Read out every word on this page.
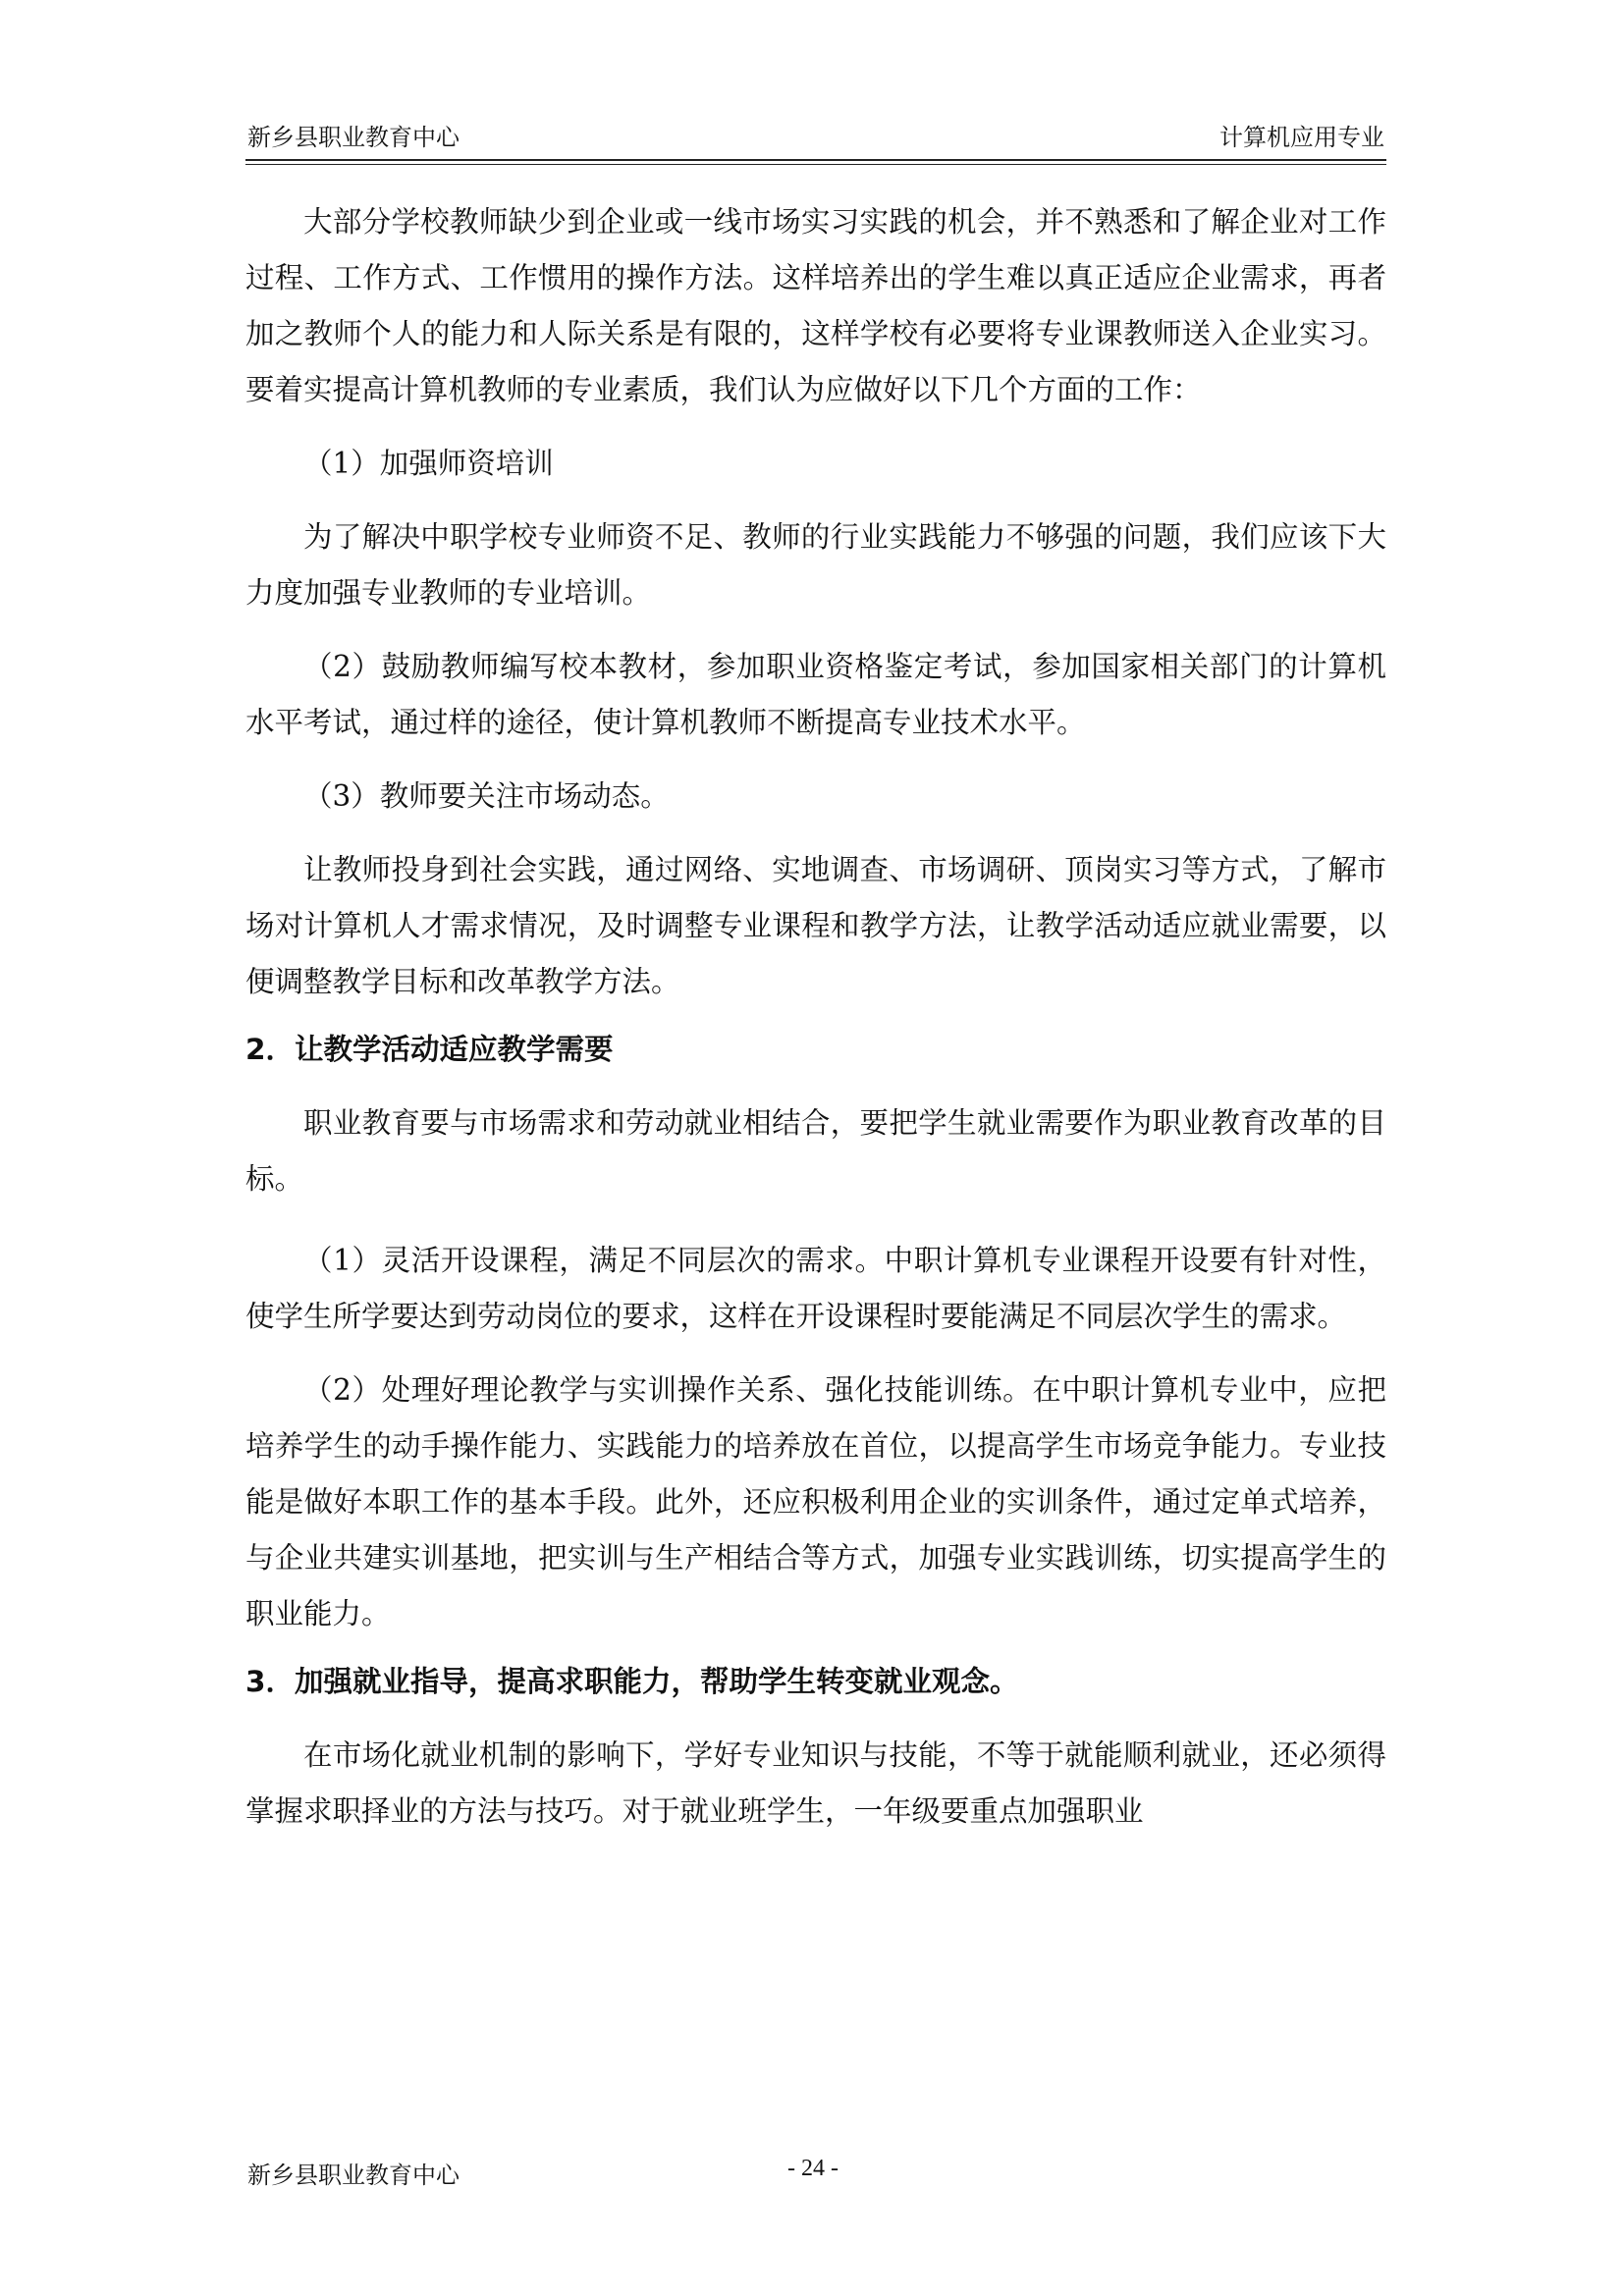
新乡县职业教育中心	计算机应用专业

大部分学校教师缺少到企业或一线市场实习实践的机会，并不熟悉和了解企业对工作过程、工作方式、工作惯用的操作方法。这样培养出的学生难以真正适应企业需求，再者加之教师个人的能力和人际关系是有限的，这样学校有必要将专业课教师送入企业实习。要着实提高计算机教师的专业素质，我们认为应做好以下几个方面的工作：

（1）加强师资培训

为了解决中职学校专业师资不足、教师的行业实践能力不够强的问题，我们应该下大力度加强专业教师的专业培训。

（2）鼓励教师编写校本教材，参加职业资格鉴定考试，参加国家相关部门的计算机水平考试，通过样的途径，使计算机教师不断提高专业技术水平。

（3）教师要关注市场动态。

让教师投身到社会实践，通过网络、实地调查、市场调研、顶岗实习等方式，了解市场对计算机人才需求情况，及时调整专业课程和教学方法，让教学活动适应就业需要，以便调整教学目标和改革教学方法。

2．让教学活动适应教学需要

职业教育要与市场需求和劳动就业相结合，要把学生就业需要作为职业教育改革的目标。

（1）灵活开设课程，满足不同层次的需求。中职计算机专业课程开设要有针对性，使学生所学要达到劳动岗位的要求，这样在开设课程时要能满足不同层次学生的需求。

（2）处理好理论教学与实训操作关系、强化技能训练。在中职计算机专业中，应把培养学生的动手操作能力、实践能力的培养放在首位，以提高学生市场竞争能力。专业技能是做好本职工作的基本手段。此外，还应积极利用企业的实训条件，通过定单式培养，与企业共建实训基地，把实训与生产相结合等方式，加强专业实践训练，切实提高学生的职业能力。

3．加强就业指导，提高求职能力，帮助学生转变就业观念。

在市场化就业机制的影响下，学好专业知识与技能，不等于就能顺利就业，还必须得掌握求职择业的方法与技巧。对于就业班学生，一年级要重点加强职业

新乡县职业教育中心	- 24 -
